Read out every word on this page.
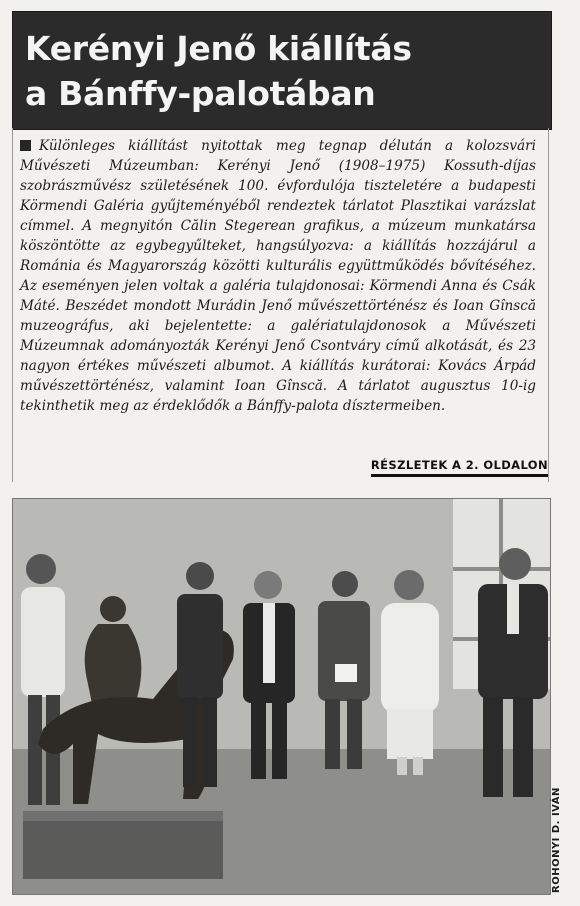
Kerényi Jenő kiállítás
a Bánffy-palotában

Különleges kiállítást nyitottak meg tegnap délután a kolozsvári Művészeti Múzeumban: Kerényi Jenő (1908–1975) Kossuth-díjas szobrászművész születésének 100. évfordulója tiszteletére a budapesti Körmendi Galéria gyűjteményéből rendeztek tárlatot Plasztikai varázslat címmel. A megnyitón Călin Stegerean grafikus, a múzeum munkatársa köszöntötte az egybegyűlteket, hangsúlyozva: a kiállítás hozzájárul a Románia és Magyarország közötti kulturális együttműködés bővítéséhez. Az eseményen jelen voltak a galéria tulajdonosai: Körmendi Anna és Csák Máté. Beszédet mondott Murádin Jenő művészettörténész és Ioan Gînscă muzeográfus, aki bejelentette: a galériatulajdonosok a Művészeti Múzeumnak adományozták Kerényi Jenő Csontváry című alkotását, és 23 nagyon értékes művészeti albumot. A kiállítás kurátorai: Kovács Árpád művészettörténész, valamint Ioan Gînscă. A tárlatot augusztus 10-ig tekinthetik meg az érdeklődők a Bánffy-palota dísztermeiben.

RÉSZLETEK A 2. OLDALON
ROHONYI D. IVÁN
